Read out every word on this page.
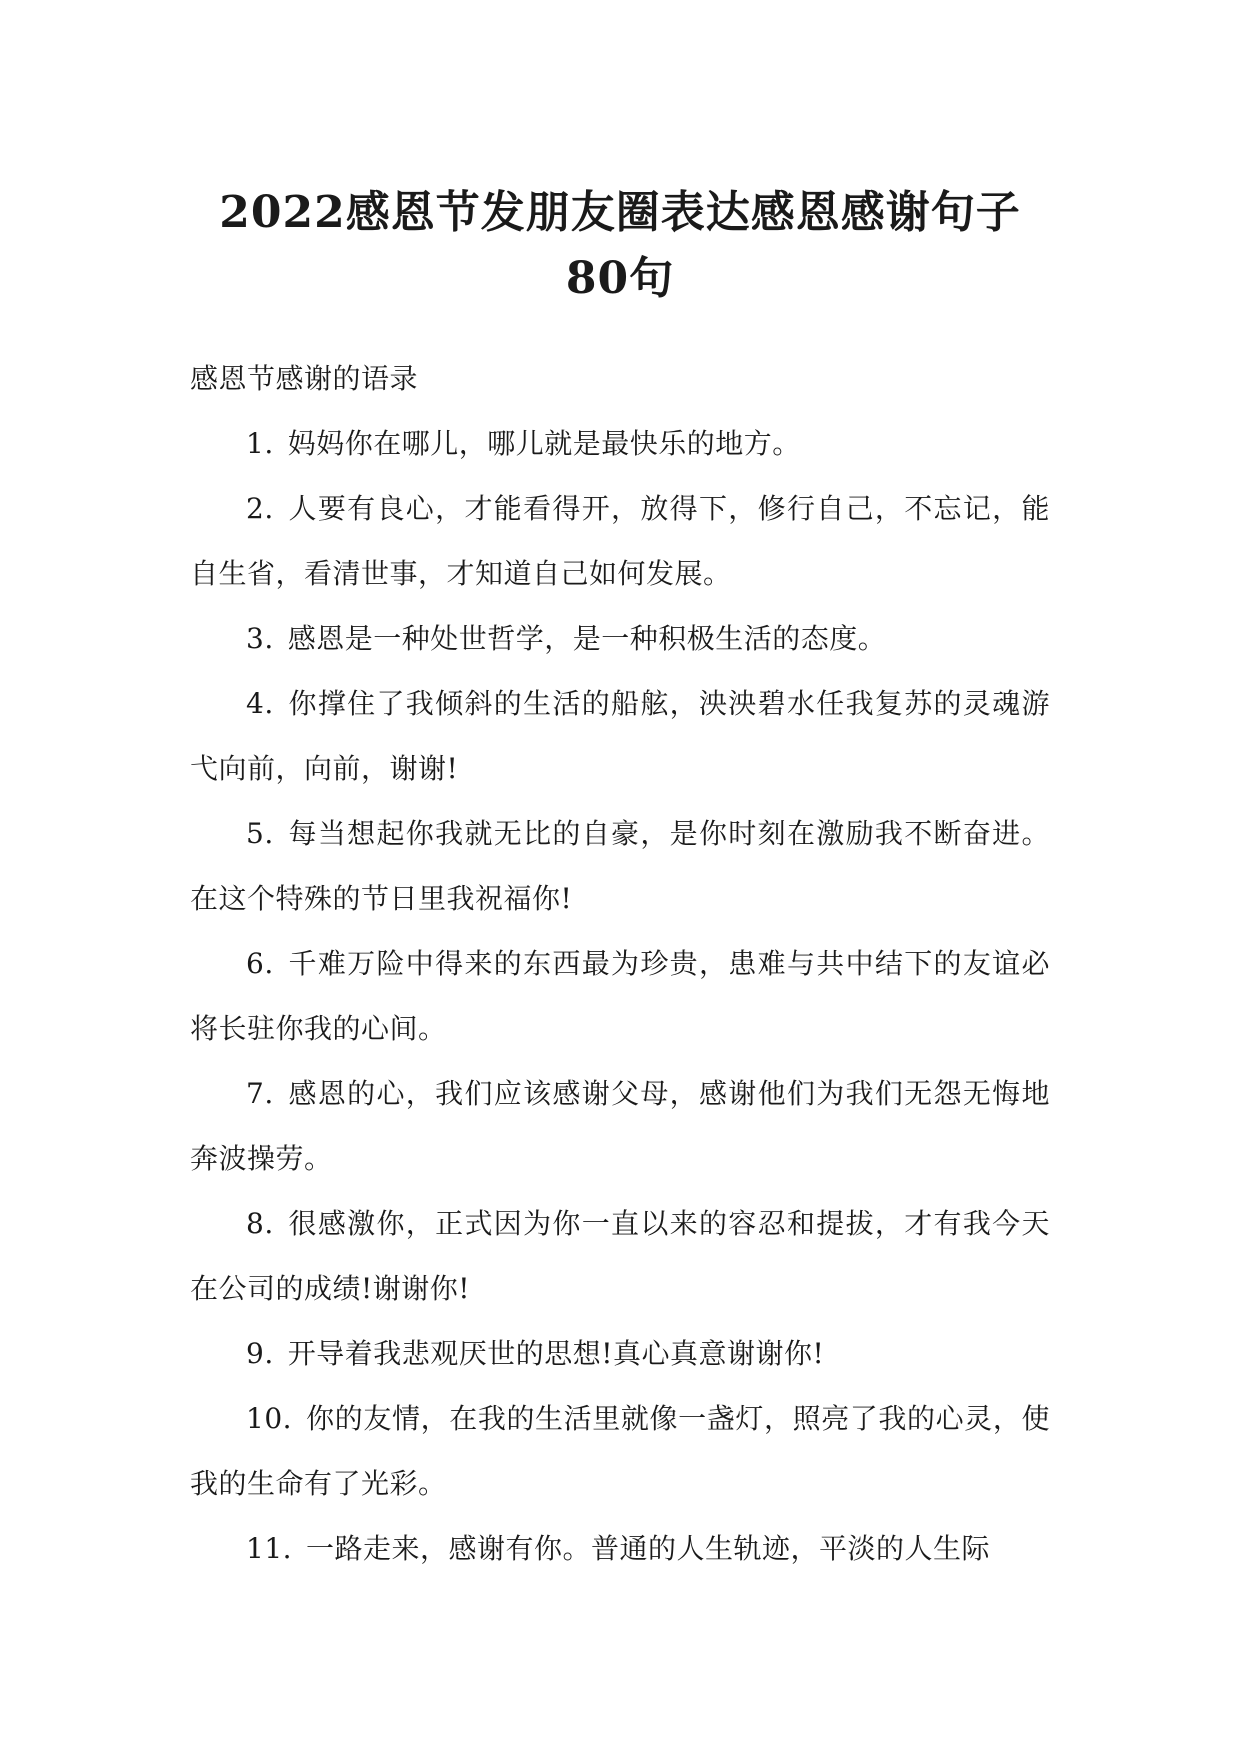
2022感恩节发朋友圈表达感恩感谢句子
80句

感恩节感谢的语录

1. 妈妈你在哪儿，哪儿就是最快乐的地方。

2. 人要有良心，才能看得开，放得下，修行自己，不忘记，能自生省，看清世事，才知道自己如何发展。

3. 感恩是一种处世哲学，是一种积极生活的态度。

4. 你撑住了我倾斜的生活的船舷，泱泱碧水任我复苏的灵魂游弋向前，向前，谢谢!

5. 每当想起你我就无比的自豪，是你时刻在激励我不断奋进。在这个特殊的节日里我祝福你!

6. 千难万险中得来的东西最为珍贵，患难与共中结下的友谊必将长驻你我的心间。

7. 感恩的心，我们应该感谢父母，感谢他们为我们无怨无悔地奔波操劳。

8. 很感激你，正式因为你一直以来的容忍和提拔，才有我今天在公司的成绩!谢谢你!

9. 开导着我悲观厌世的思想!真心真意谢谢你!

10. 你的友情，在我的生活里就像一盏灯，照亮了我的心灵，使我的生命有了光彩。

11. 一路走来，感谢有你。普通的人生轨迹，平淡的人生际
